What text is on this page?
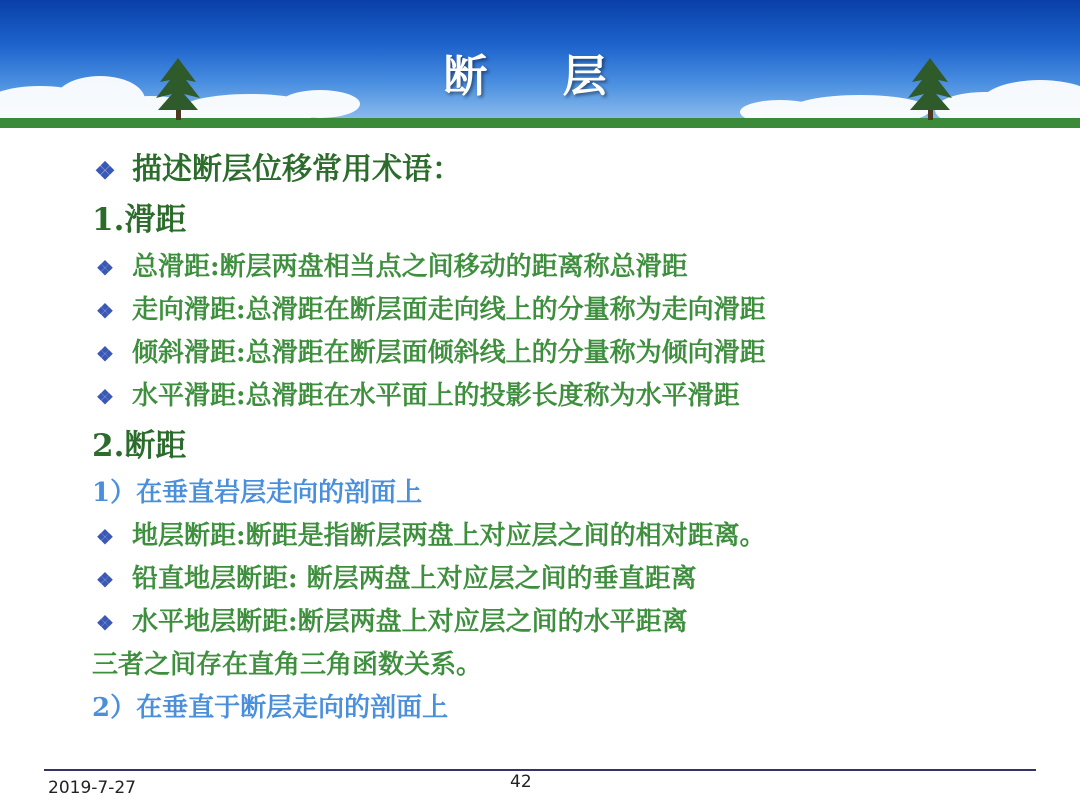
断 层
❖ 描述断层位移常用术语：
1.滑距
❖ 总滑距:断层两盘相当点之间移动的距离称总滑距
❖ 走向滑距:总滑距在断层面走向线上的分量称为走向滑距
❖ 倾斜滑距:总滑距在断层面倾斜线上的分量称为倾向滑距
❖ 水平滑距:总滑距在水平面上的投影长度称为水平滑距
2.断距
1）在垂直岩层走向的剖面上
❖ 地层断距:断距是指断层两盘上对应层之间的相对距离。
❖ 铅直地层断距: 断层两盘上对应层之间的垂直距离
❖ 水平地层断距:断层两盘上对应层之间的水平距离
三者之间存在直角三角函数关系。
2）在垂直于断层走向的剖面上
2019-7-27	42
